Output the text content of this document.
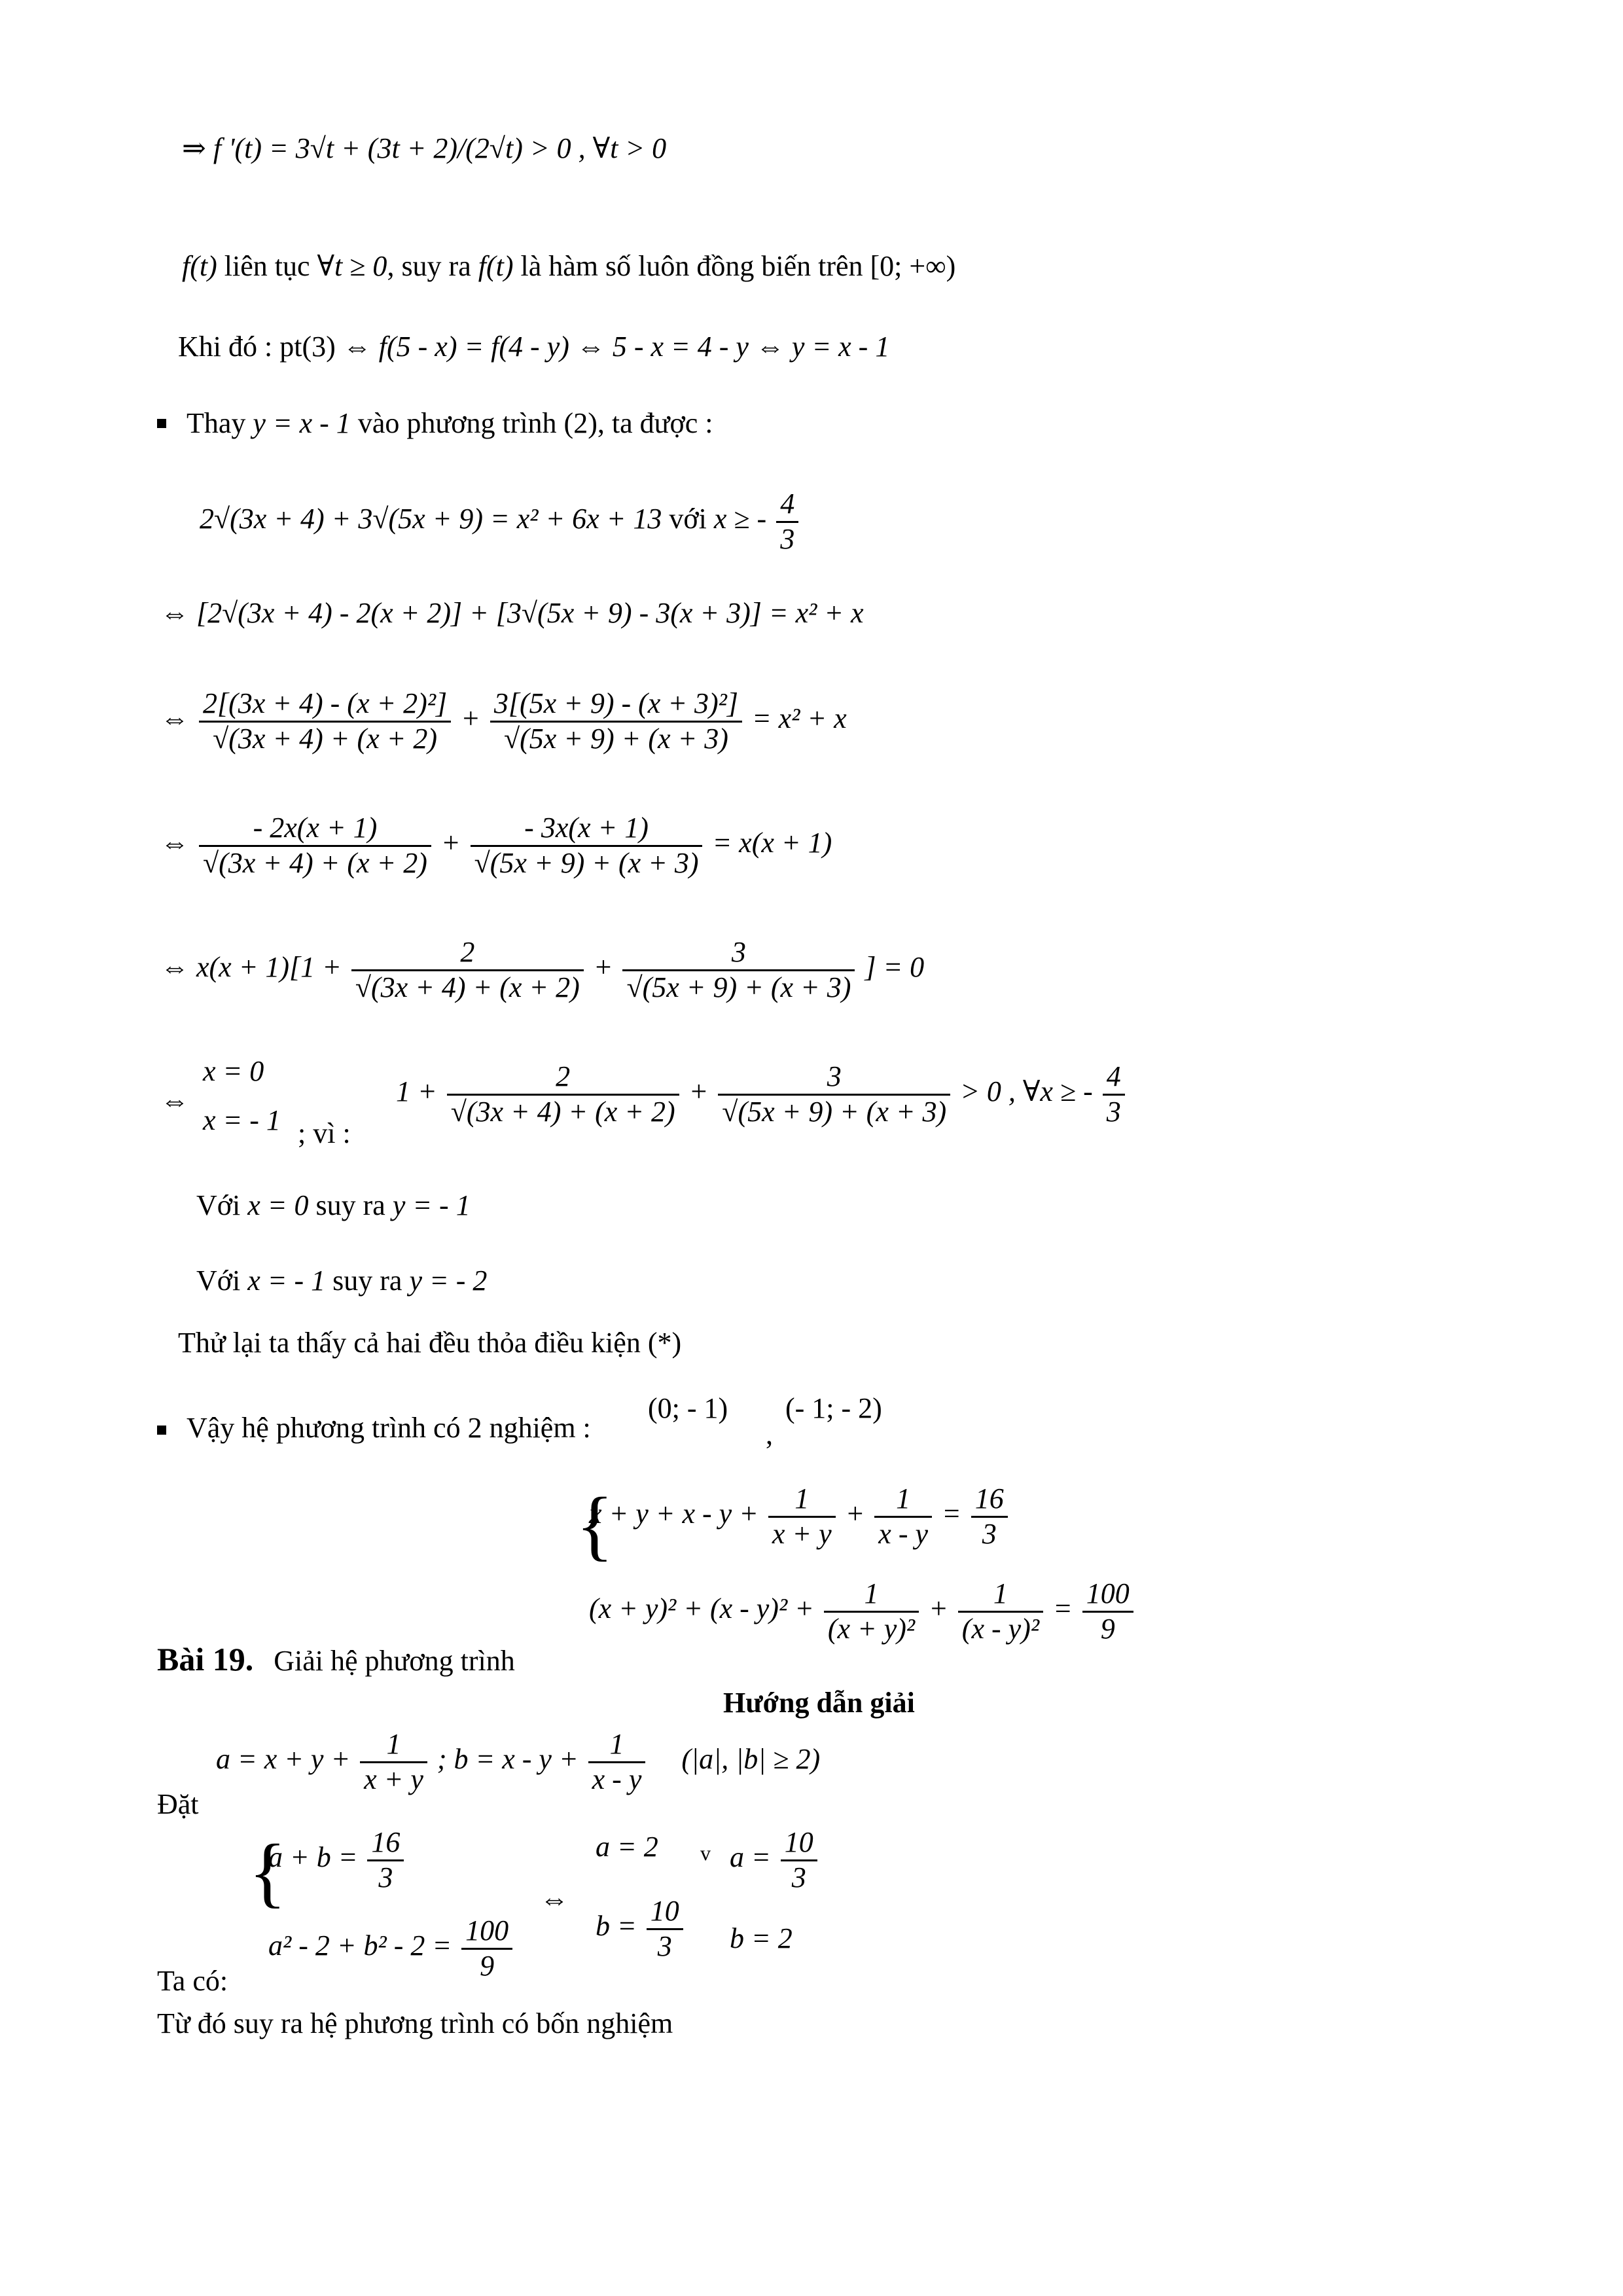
⇒ f '(t) = 3√t + (3t + 2)/(2√t) > 0 , ∀t > 0
f(t) liên tục ∀t ≥ 0, suy ra f(t) là hàm số luôn đồng biến trên [0; +∞)
Khi đó : pt(3) ⇔ f(5 - x) = f(4 - y) ⇔ 5 - x = 4 - y ⇔ y = x - 1
Thay y = x - 1 vào phương trình (2), ta được :
2√(3x + 4) + 3√(5x + 9) = x² + 6x + 13 với x ≥ - $\frac{4}{3}$
⇔ [2√(3x + 4) - 2(x + 2)] + [3√(5x + 9) - 3(x + 3)] = x² + x
⇔ $\frac{\text{2[(3x + 4) - (x + 2)²]}}{√(3x + 4) + (x + 2)} + \frac{\text{3[(5x + 9) - (x + 3)²]}}{√(5x + 9) + (x + 3)} = x^2 + x$
⇔ $\frac{- 2x(x + 1)}{√(3x + 4) + (x + 2)} + \frac{- 3x(x + 1)}{√(5x + 9) + (x + 3)} = x(x + 1)$
⇔ $x(x + 1)[1 + \frac{2}{√(3x + 4) + (x + 2)} + \frac{3}{√(5x + 9) + (x + 3)}$ ] = 0
⇔
x = 0
x = - 1 ; vì :
$1 + \frac{2}{√(3x + 4) + (x + 2)} + \frac{3}{√(5x + 9) + (x + 3)} > 0$ , ∀x ≥ - $\frac{4}{3}$
Với x = 0 suy ra y = - 1
Với x = - 1 suy ra y = - 2
Thử lại ta thấy cả hai đều thỏa điều kiện (*)
Vậy hệ phương trình có 2 nghiệm :
(0; - 1)
,
(- 1; - 2)
{
$x + y + x - y + \frac{1}{x + y} + \frac{1}{x - y} = \frac{16}{3}$
$(x + y)^2 + (x - y)^2 + \frac{1}{\text{(x + y)²}} + \frac{1}{\text{(x - y)²}} = \frac{100}{9}$
Bài 19. Giải hệ phương trình
Hướng dẫn giải
$a = x + y + \frac{1}{x + y}$ ; $b = x - y + \frac{1}{x - y} (|a|$, |b| ≥ 2)
Đặt
{
$a + b = \frac{16}{3}$
$a^2 - 2 + b^2 - 2 = \frac{100}{9}$
⇔
a = 2
$b = \frac{10}{3}$
v $a = \frac{10}{3}$
b = 2
Ta có:
Từ đó suy ra hệ phương trình có bốn nghiệm
